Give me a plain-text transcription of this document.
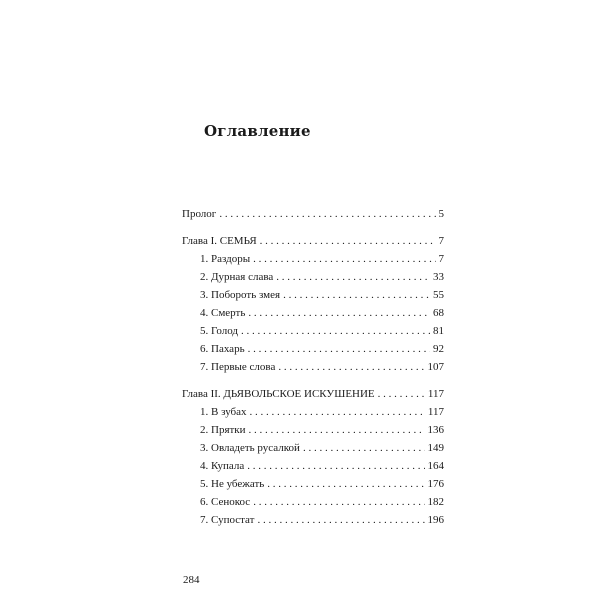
Оглавление
Пролог . . .	5
Глава I. СЕМЬЯ . . .	7
1. Раздоры . . .	7
2. Дурная слава . . .	33
3. Побороть змея . . .	55
4. Смерть . . .	68
5. Голод . . .	81
6. Пахарь . . .	92
7. Первые слова . . .	107
Глава II. ДЬЯВОЛЬСКОЕ ИСКУШЕНИЕ . . .	117
1. В зубах . . .	117
2. Прятки . . .	136
3. Овладеть русалкой . . .	149
4. Купала . . .	164
5. Не убежать . . .	176
6. Сенокос . . .	182
7. Супостат . . .	196
284
